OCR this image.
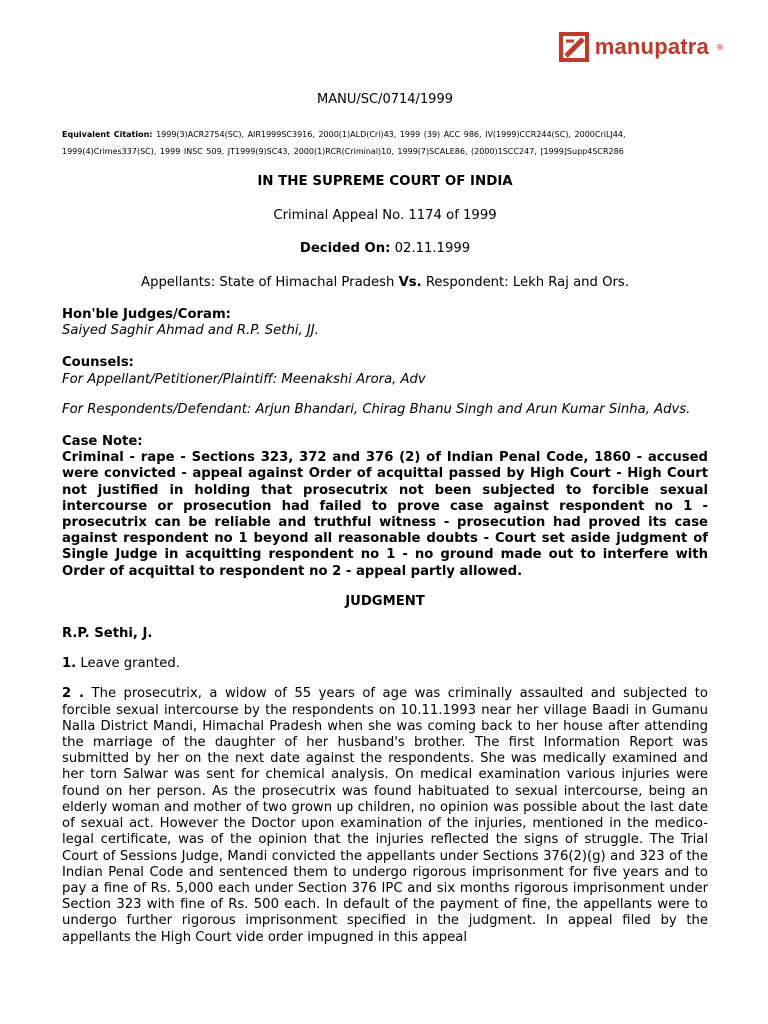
manupatra ®
MANU/SC/0714/1999
Equivalent Citation: 1999(3)ACR2754(SC), AIR1999SC3916, 2000(1)ALD(Cri)43, 1999 (39) ACC 986, IV(1999)CCR244(SC), 2000CriLJ44, 1999(4)Crimes337(SC), 1999 INSC 509, JT1999(9)SC43, 2000(1)RCR(Criminal)10, 1999(7)SCALE86, (2000)1SCC247, [1999]Supp4SCR286
IN THE SUPREME COURT OF INDIA
Criminal Appeal No. 1174 of 1999
Decided On: 02.11.1999
Appellants: State of Himachal Pradesh Vs. Respondent: Lekh Raj and Ors.
Hon'ble Judges/Coram:
Saiyed Saghir Ahmad and R.P. Sethi, JJ.
Counsels:
For Appellant/Petitioner/Plaintiff: Meenakshi Arora, Adv
For Respondents/Defendant: Arjun Bhandari, Chirag Bhanu Singh and Arun Kumar Sinha, Advs.
Case Note:
Criminal - rape - Sections 323, 372 and 376 (2) of Indian Penal Code, 1860 - accused were convicted - appeal against Order of acquittal passed by High Court - High Court not justified in holding that prosecutrix not been subjected to forcible sexual intercourse or prosecution had failed to prove case against respondent no 1 - prosecutrix can be reliable and truthful witness - prosecution had proved its case against respondent no 1 beyond all reasonable doubts - Court set aside judgment of Single Judge in acquitting respondent no 1 - no ground made out to interfere with Order of acquittal to respondent no 2 - appeal partly allowed.
JUDGMENT
R.P. Sethi, J.
1. Leave granted.
2 . The prosecutrix, a widow of 55 years of age was criminally assaulted and subjected to forcible sexual intercourse by the respondents on 10.11.1993 near her village Baadi in Gumanu Nalla District Mandi, Himachal Pradesh when she was coming back to her house after attending the marriage of the daughter of her husband's brother. The first Information Report was submitted by her on the next date against the respondents. She was medically examined and her torn Salwar was sent for chemical analysis. On medical examination various injuries were found on her person. As the prosecutrix was found habituated to sexual intercourse, being an elderly woman and mother of two grown up children, no opinion was possible about the last date of sexual act. However the Doctor upon examination of the injuries, mentioned in the medico-legal certificate, was of the opinion that the injuries reflected the signs of struggle. The Trial Court of Sessions Judge, Mandi convicted the appellants under Sections 376(2)(g) and 323 of the Indian Penal Code and sentenced them to undergo rigorous imprisonment for five years and to pay a fine of Rs. 5,000 each under Section 376 IPC and six months rigorous imprisonment under Section 323 with fine of Rs. 500 each. In default of the payment of fine, the appellants were to undergo further rigorous imprisonment specified in the judgment. In appeal filed by the appellants the High Court vide order impugned in this appeal
